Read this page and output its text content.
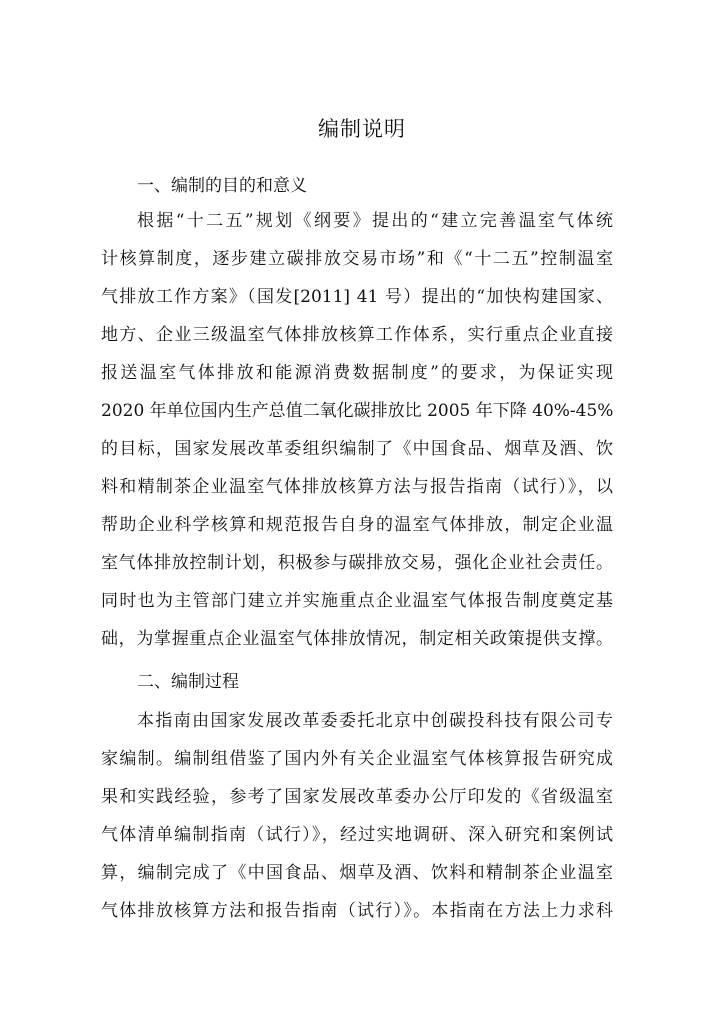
编制说明
一、编制的目的和意义

根据“十二五”规划《纲要》提出的“建立完善温室气体统

计核算制度，逐步建立碳排放交易市场”和《“十二五”控制温室

气排放工作方案》（国发[2011] 41 号）提出的“加快构建国家、

地方、企业三级温室气体排放核算工作体系，实行重点企业直接

报送温室气体排放和能源消费数据制度”的要求，为保证实现

2020 年单位国内生产总值二氧化碳排放比 2005 年下降 40%-45%

的目标，国家发展改革委组织编制了《中国食品、烟草及酒、饮

料和精制茶企业温室气体排放核算方法与报告指南（试行）》，以

帮助企业科学核算和规范报告自身的温室气体排放，制定企业温

室气体排放控制计划，积极参与碳排放交易，强化企业社会责任。

同时也为主管部门建立并实施重点企业温室气体报告制度奠定基

础，为掌握重点企业温室气体排放情况，制定相关政策提供支撑。

二、编制过程

本指南由国家发展改革委委托北京中创碳投科技有限公司专

家编制。编制组借鉴了国内外有关企业温室气体核算报告研究成

果和实践经验，参考了国家发展改革委办公厅印发的《省级温室

气体清单编制指南（试行）》，经过实地调研、深入研究和案例试

算，编制完成了《中国食品、烟草及酒、饮料和精制茶企业温室

气体排放核算方法和报告指南（试行）》。本指南在方法上力求科
